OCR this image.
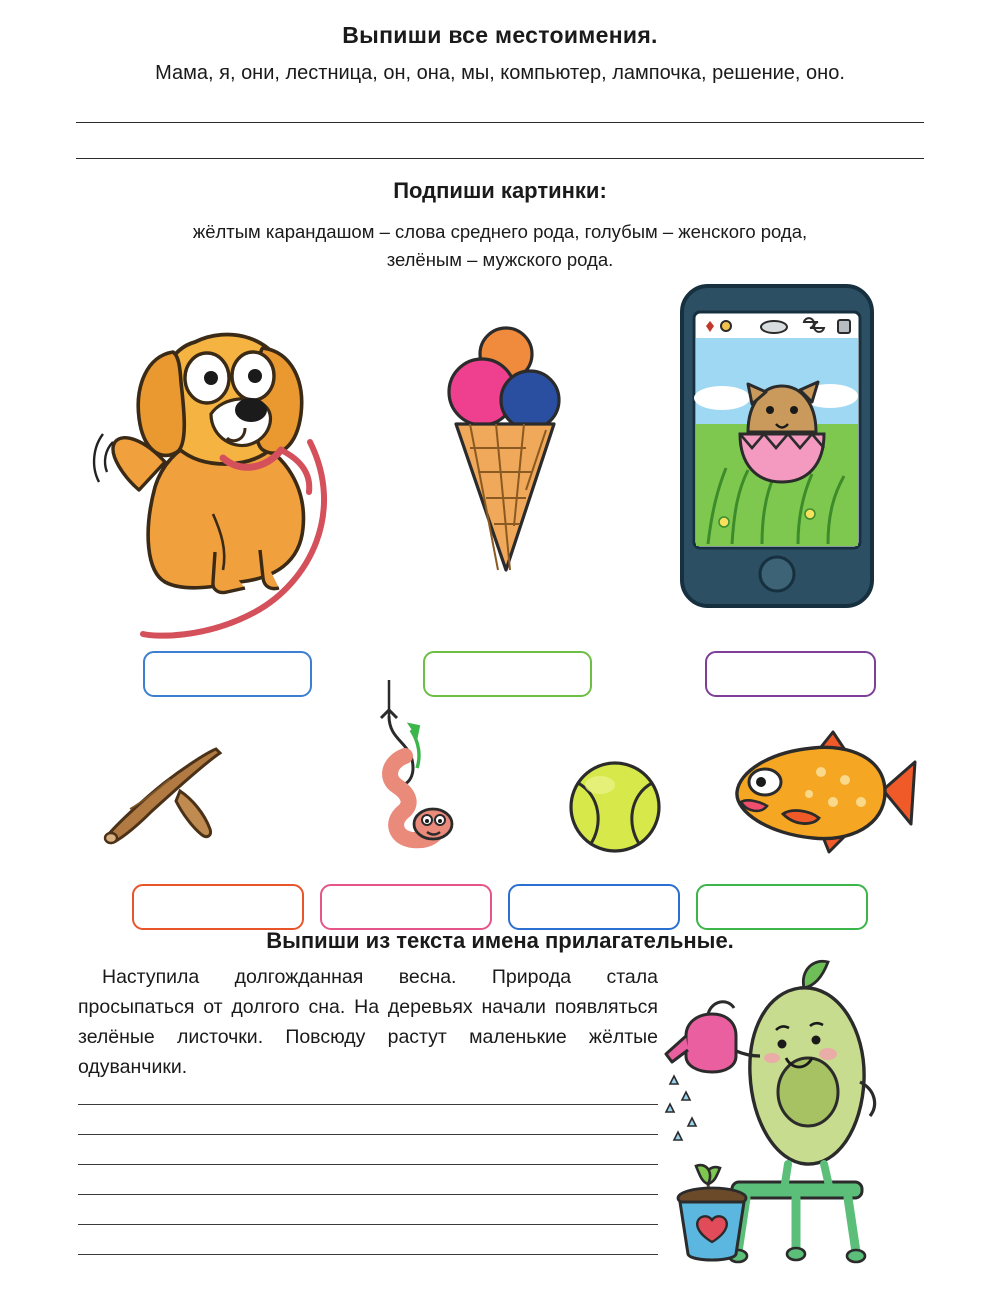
Выпиши все местоимения.
Мама, я, они, лестница, он, она, мы, компьютер, лампочка, решение, оно.
Подпиши картинки:
жёлтым карандашом – слова среднего рода, голубым – женского рода,
зелёным – мужского рода.
Выпиши из текста имена прилагательные.
Наступила долгожданная весна. Природа стала просыпаться от долгого сна. На деревьях начали появляться зелёные листочки. Повсюду растут маленькие жёлтые одуванчики.
